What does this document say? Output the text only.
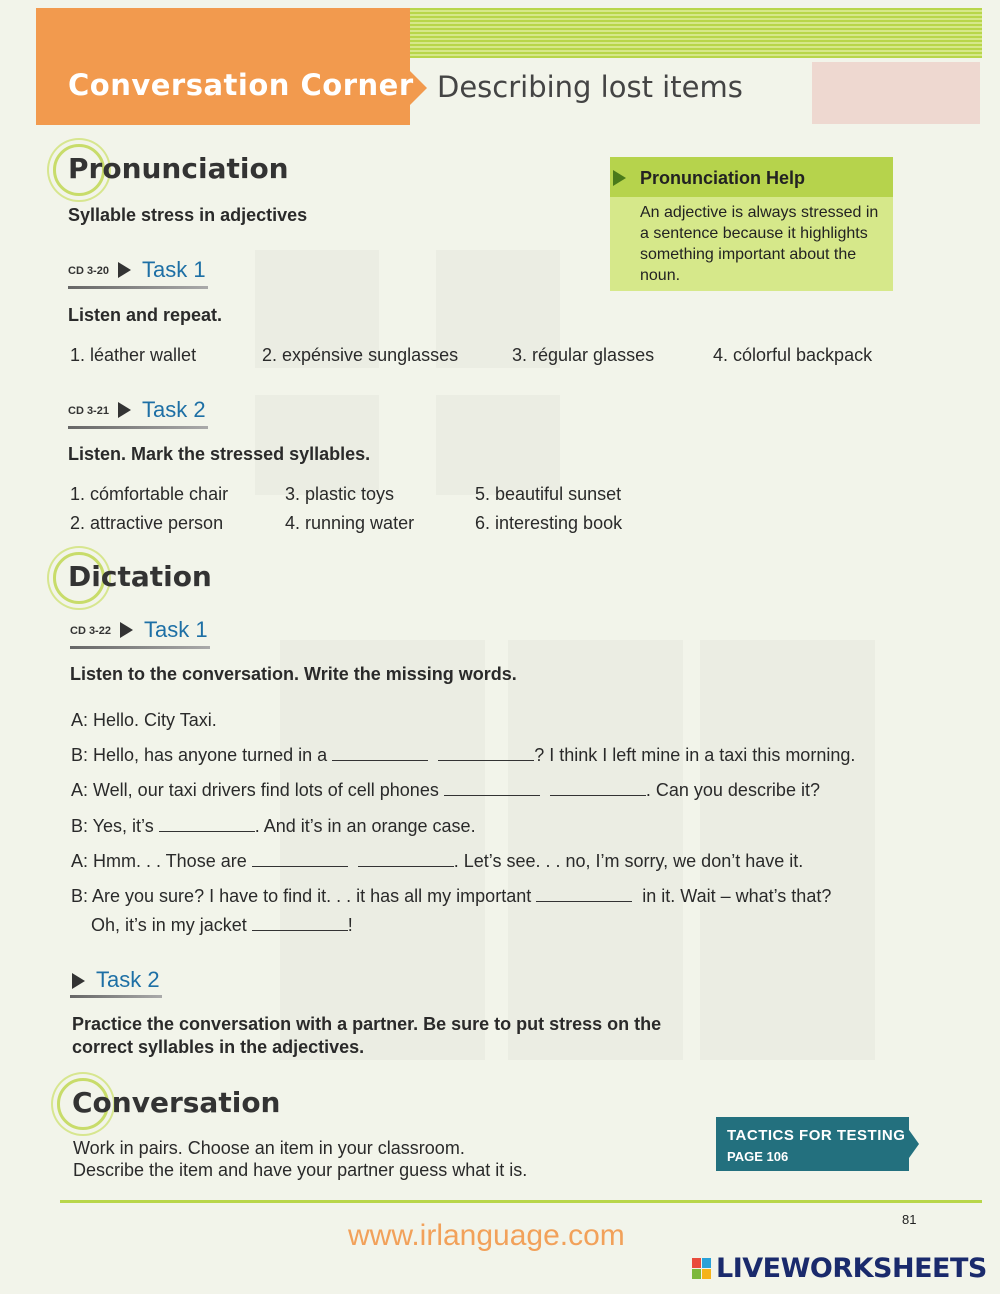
Conversation Corner Describing lost items
Pronunciation
Syllable stress in adjectives
CD 3-20 Task 1
Listen and repeat.
1. léather wallet	2. expénsive sunglasses	3. régular glasses	4. cólorful backpack
CD 3-21 Task 2
Listen. Mark the stressed syllables.
1. cómfortable chair	3. plastic toys	5. beautiful sunset
2. attractive person	4. running water	6. interesting book
Pronunciation Help
An adjective is always stressed in a sentence because it highlights something important about the noun.
Dictation
CD 3-22 Task 1
Listen to the conversation. Write the missing words.
A: Hello. City Taxi.
B: Hello, has anyone turned in a	? I think I left mine in a taxi this morning.
A: Well, our taxi drivers find lots of cell phones	. Can you describe it?
B: Yes, it’s	. And it’s in an orange case.
A: Hmm. . . Those are	. Let’s see. . . no, I’m sorry, we don’t have it.
B: Are you sure? I have to find it. . . it has all my important	in it. Wait – what’s that?
Oh, it’s in my jacket	!
Task 2
Practice the conversation with a partner. Be sure to put stress on the correct syllables in the adjectives.
Conversation
Work in pairs. Choose an item in your classroom.
Describe the item and have your partner guess what it is.
TACTICS FOR TESTING
PAGE 106
81
www.irlanguage.com
LIVEWORKSHEETS
